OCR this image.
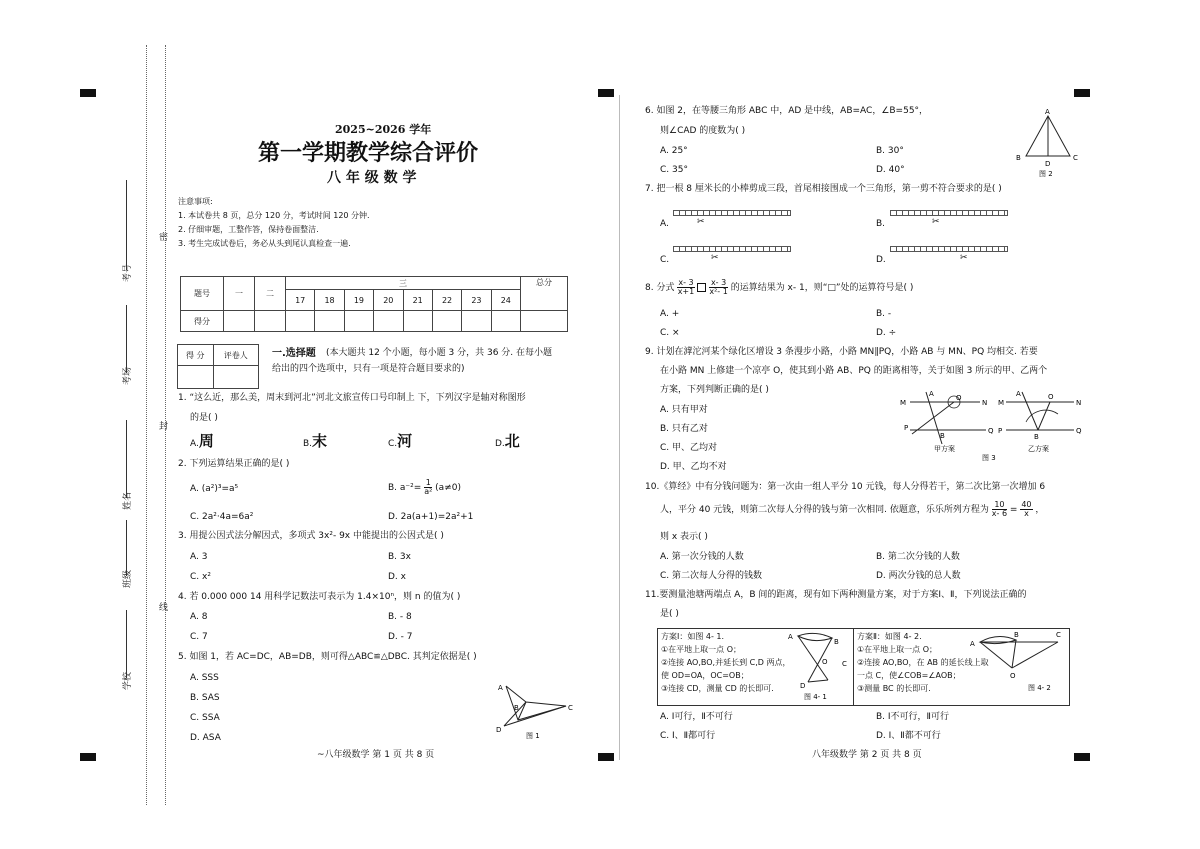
密
封
线
考号
考场
姓名
班级
学校
2025~2026 学年
第一学期教学综合评价
八 年 级 数 学
注意事项:
1. 本试卷共 8 页，总分 120 分，考试时间 120 分钟.
2. 仔细审题，工整作答，保持卷面整洁.
3. 考生完成试卷后，务必从头到尾认真检查一遍.
题号	一	二	三								总分
			17	18	19	20	21	22	23	24	
得分											
得 分	评卷人
	一.选择题 (本大题共 12 个小题，每小题 3 分，共 36 分. 在每小题
给出的四个选项中，只有一项是符合题目要求的)
1. “这么近，那么美，周末到河北”河北文旅宣传口号印制上 下，下列汉字是轴对称图形
的是( )
A.周	B.末	C.河	D.北
2. 下列运算结果正确的是( )
A. (a²)³=a⁵	B. $a^{-2}= \frac{1}{\text{a²}} (a\ne 0)$
C. 2a²·4a=6a²	D. 2a(a+1)=2a²+1
3. 用提公因式法分解因式，多项式 3x²- 9x 中能提出的公因式是( )
A. 3	B. 3x
C. x²	D. x
4. 若 0.000 000 14 用科学记数法可表示为 1.4×10ⁿ，则 n 的值为( )
A. 8	B. - 8
C. 7	D. - 7
5. 如图 1，若 AC=DC，AB=DB，则可得△ABC≌△DBC. 其判定依据是( )
A. SSS
B. SAS
C. SSA
D. ASA
A
B	C
D
图 1
~八年级数学 第 1 页 共 8 页
6. 如图 2，在等腰三角形 ABC 中，AD 是中线，AB=AC，∠B=55°，
则∠CAD 的度数为( )
A. 25°	B. 30°
C. 35°	D. 40°
A
B	C
D
图 2
7. 把一根 8 厘米长的小棒剪成三段，首尾相接围成一个三角形，第一剪不符合要求的是( )
A.	✂	B.	✂
C.	✂	D.	✂
8. 分式 $\frac{x- 3}{x+1}$
$\frac{x- 3}{\text{x²- 1}}$ 的运算结果为 x- 1，则“□”处的运算符号是( )
A. +	B. -
C. ×	D. ÷
9. 计划在滹沱河某个绿化区增设 3 条漫步小路，小路 MN∥PQ，小路 AB 与 MN、PQ 均相交. 若要
在小路 MN 上修建一个凉亭 O，使其到小路 AB、PQ 的距离相等，关于如图 3 所示的甲、乙两个
方案，下列判断正确的是( )
A. 只有甲对
B. 只有乙对
C. 甲、乙均对
D. 甲、乙均不对
M	N
P	Q
A
B
O
M	N
P	Q
A
B
O
甲方案	乙方案
图 3
10.《算经》中有分钱问题为：第一次由一组人平分 10 元钱，每人分得若干，第二次比第一次增加 6
人，平分 40 元钱，则第二次每人分得的钱与第一次相同. 依题意，乐乐所列方程为 $\frac{10}{x- 6} = \frac{40}{x}$ ，
则 x 表示( )
A. 第一次分钱的人数	B. 第二次分钱的人数
C. 第二次每人分得的钱数	D. 两次分钱的总人数
11.要测量池塘两端点 A，B 间的距离，现有如下两种测量方案，对于方案Ⅰ、Ⅱ，下列说法正确的
是( )
方案Ⅰ：如图 4- 1.
①在平地上取一点 O；
②连接 AO,BO,并延长到 C,D 两点，
使 OD=OA，OC=OB；
③连接 CD，测量 CD 的长即可.
A
B
O C
D
图 4- 1
方案Ⅱ：如图 4- 2.
①在平地上取一点 O；
②连接 AO,BO，在 AB 的延长线上取
一点 C，使∠COB=∠AOB；
③测量 BC 的长即可.
A
B	C
O
图 4- 2
A. Ⅰ可行，Ⅱ不可行	B. Ⅰ不可行，Ⅱ可行
C. Ⅰ、Ⅱ都可行	D. Ⅰ、Ⅱ都不可行
八年级数学 第 2 页 共 8 页
